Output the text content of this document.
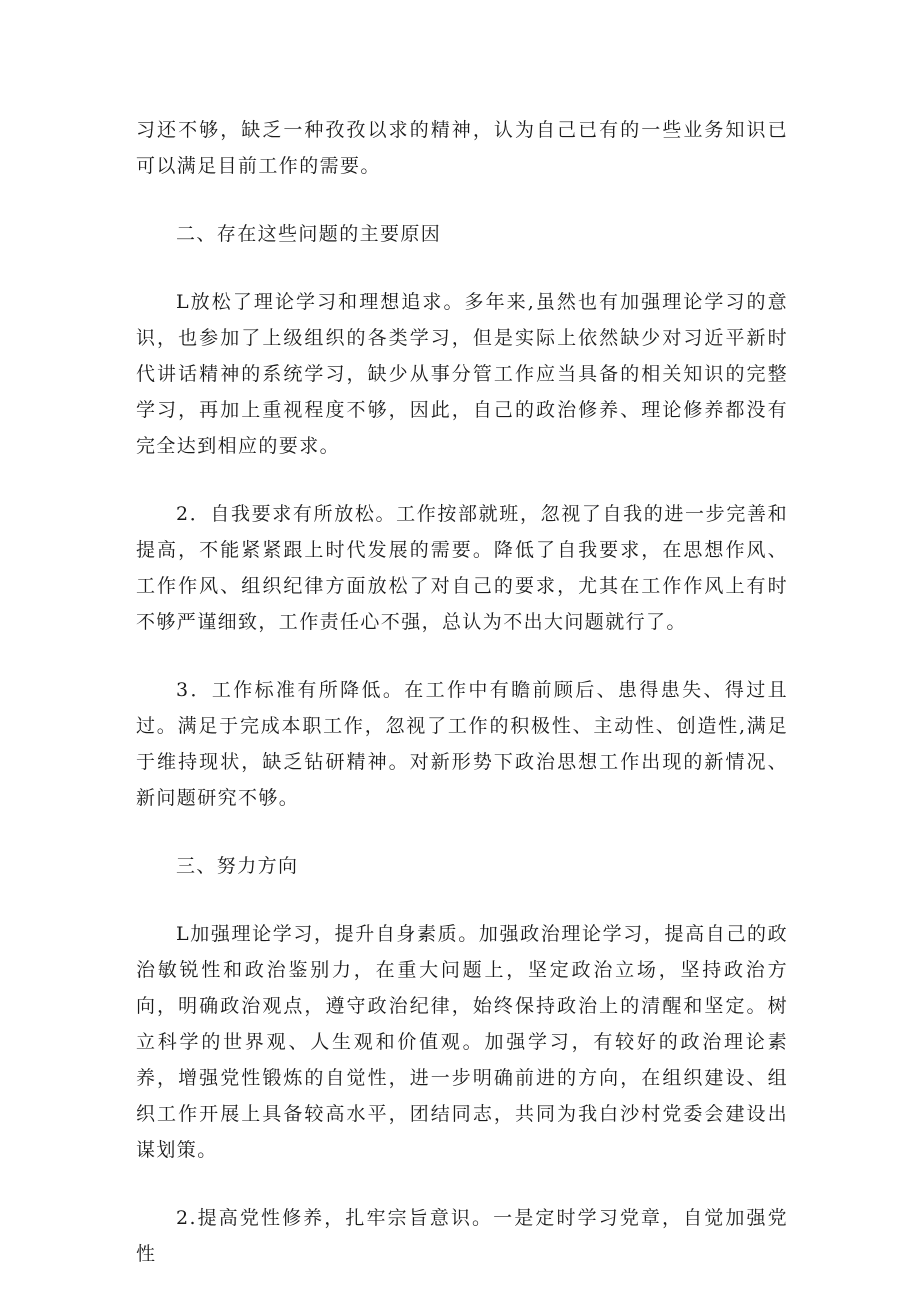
习还不够，缺乏一种孜孜以求的精神，认为自己已有的一些业务知识已可以满足目前工作的需要。

二、存在这些问题的主要原因

L放松了理论学习和理想追求。多年来,虽然也有加强理论学习的意识，也参加了上级组织的各类学习，但是实际上依然缺少对习近平新时代讲话精神的系统学习，缺少从事分管工作应当具备的相关知识的完整学习，再加上重视程度不够，因此，自己的政治修养、理论修养都没有完全达到相应的要求。

2．自我要求有所放松。工作按部就班，忽视了自我的进一步完善和提高，不能紧紧跟上时代发展的需要。降低了自我要求，在思想作风、工作作风、组织纪律方面放松了对自己的要求，尤其在工作作风上有时不够严谨细致，工作责任心不强，总认为不出大问题就行了。

3．工作标准有所降低。在工作中有瞻前顾后、患得患失、得过且过。满足于完成本职工作，忽视了工作的积极性、主动性、创造性,满足于维持现状，缺乏钻研精神。对新形势下政治思想工作出现的新情况、新问题研究不够。

三、努力方向

L加强理论学习，提升自身素质。加强政治理论学习，提高自己的政治敏锐性和政治鉴别力，在重大问题上，坚定政治立场，坚持政治方向，明确政治观点，遵守政治纪律，始终保持政治上的清醒和坚定。树立科学的世界观、人生观和价值观。加强学习，有较好的政治理论素养，增强党性锻炼的自觉性，进一步明确前进的方向，在组织建设、组织工作开展上具备较高水平，团结同志，共同为我白沙村党委会建设出谋划策。

2.提高党性修养，扎牢宗旨意识。一是定时学习党章，自觉加强党性
